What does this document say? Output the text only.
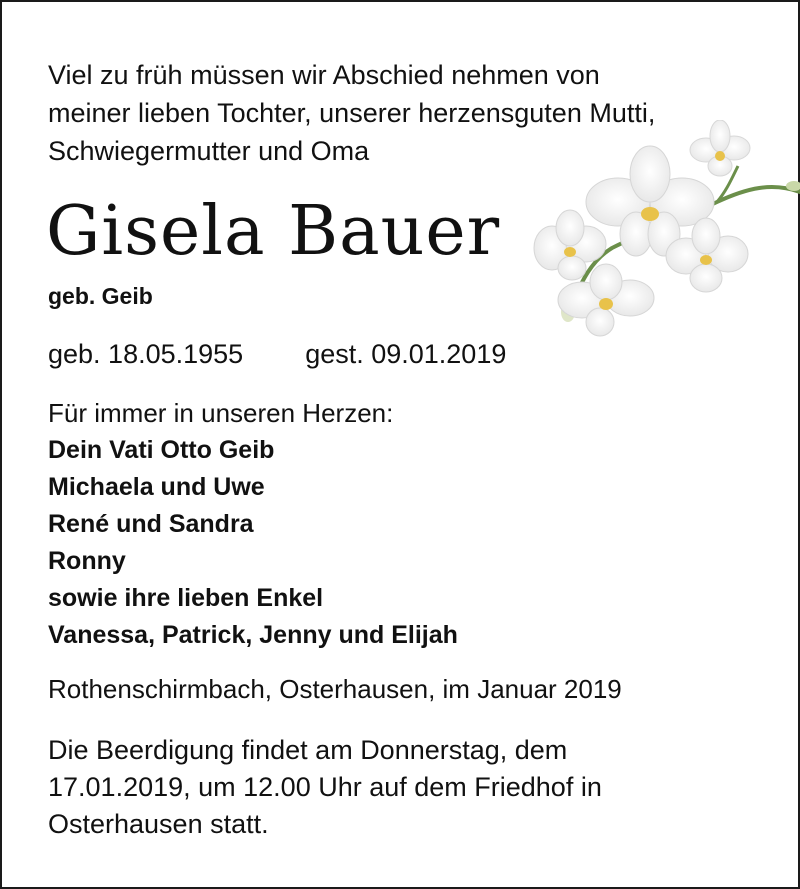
Viel zu früh müssen wir Abschied nehmen von
meiner lieben Tochter, unserer herzensguten Mutti,
Schwiegermutter und Oma
Gisela Bauer
geb. Geib
geb. 18.05.1955 gest. 09.01.2019
Für immer in unseren Herzen:
Dein Vati Otto Geib
Michaela und Uwe
René und Sandra
Ronny
sowie ihre lieben Enkel
Vanessa, Patrick, Jenny und Elijah
Rothenschirmbach, Osterhausen, im Januar 2019
Die Beerdigung findet am Donnerstag, dem
17.01.2019, um 12.00 Uhr auf dem Friedhof in
Osterhausen statt.
